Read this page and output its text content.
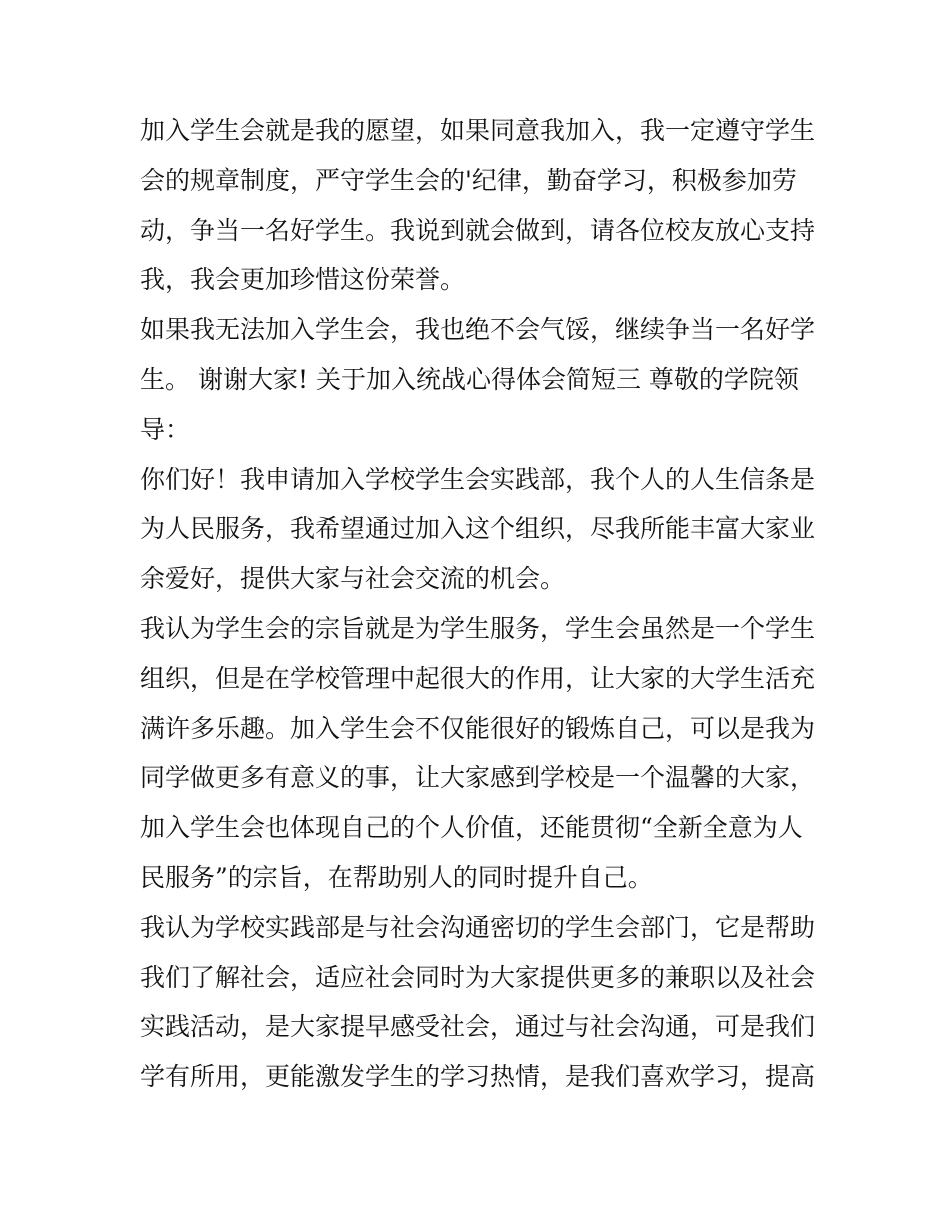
加入学生会就是我的愿望，如果同意我加入，我一定遵守学生
会的规章制度，严守学生会的'纪律，勤奋学习，积极参加劳
动，争当一名好学生。我说到就会做到，请各位校友放心支持
我，我会更加珍惜这份荣誉。
如果我无法加入学生会，我也绝不会气馁，继续争当一名好学
生。 谢谢大家! 关于加入统战心得体会简短三 尊敬的学院领
导：
你们好！我申请加入学校学生会实践部，我个人的人生信条是
为人民服务，我希望通过加入这个组织，尽我所能丰富大家业
余爱好，提供大家与社会交流的机会。
我认为学生会的宗旨就是为学生服务，学生会虽然是一个学生
组织，但是在学校管理中起很大的作用，让大家的大学生活充
满许多乐趣。加入学生会不仅能很好的锻炼自己，可以是我为
同学做更多有意义的事，让大家感到学校是一个温馨的大家，
加入学生会也体现自己的个人价值，还能贯彻“全新全意为人
民服务”的宗旨，在帮助别人的同时提升自己。
我认为学校实践部是与社会沟通密切的学生会部门，它是帮助
我们了解社会，适应社会同时为大家提供更多的兼职以及社会
实践活动，是大家提早感受社会，通过与社会沟通，可是我们
学有所用，更能激发学生的学习热情，是我们喜欢学习，提高
